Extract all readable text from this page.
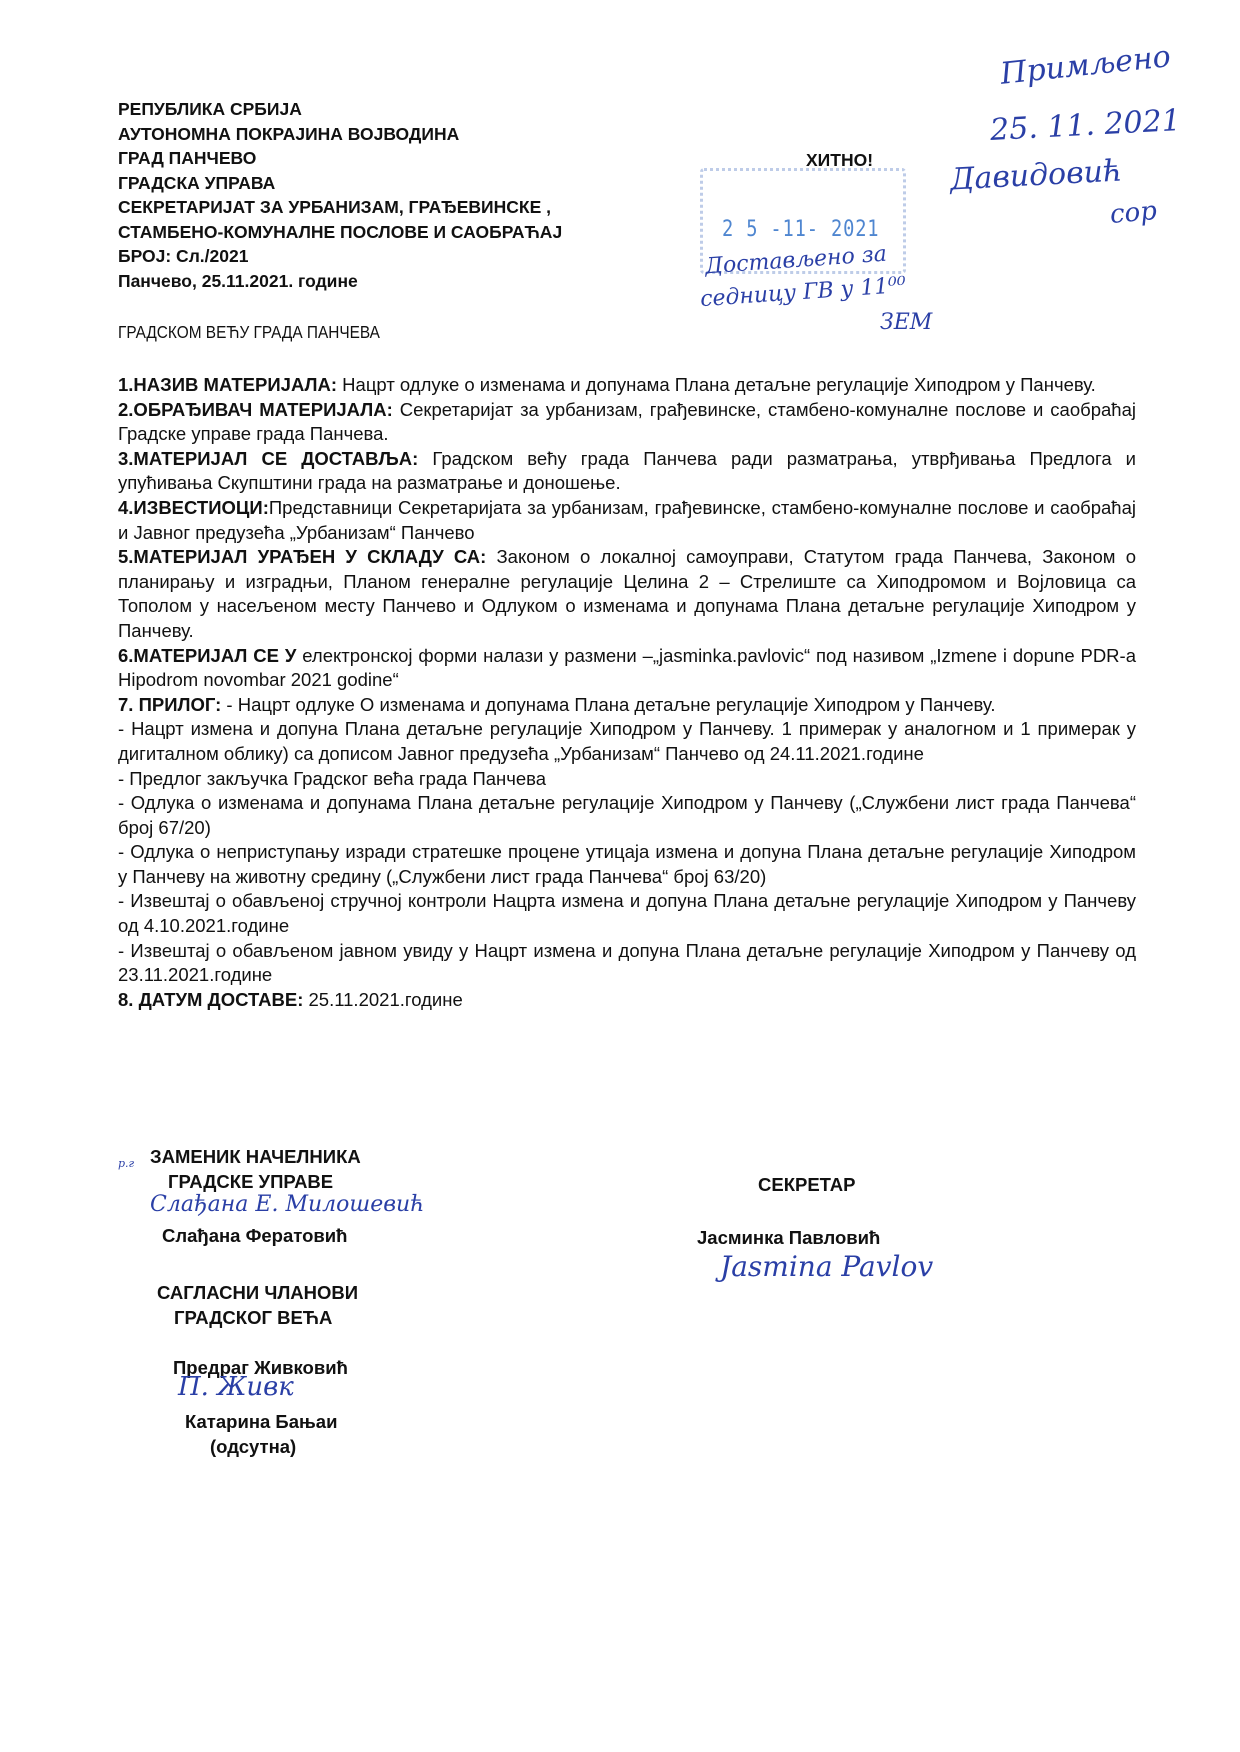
РЕПУБЛИКА СРБИЈА
АУТОНОМНА ПОКРАЈИНА ВОЈВОДИНА
ГРАД ПАНЧЕВО
ГРАДСКА УПРАВА
СЕКРЕТАРИЈАТ ЗА УРБАНИЗАМ, ГРАЂЕВИНСКЕ ,
СТАМБЕНО-КОМУНАЛНЕ ПОСЛОВЕ И САОБРАЋАЈ
БРОЈ: Сл./2021
Панчево, 25.11.2021. године
ХИТНО!
2 5 -11- 2021
Достављено за
седницу ГВ у 11⁰⁰
ЗЕМ
Примљено
25. 11. 2021
Давидовић
сор
ГРАДСКОМ ВЕЋУ ГРАДА ПАНЧЕВА

1.НАЗИВ МАТЕРИЈАЛА: Нацрт одлуке о изменама и допунама Плана детаљне регулације Хиподром у Панчеву.

2.ОБРАЂИВАЧ МАТЕРИЈАЛА: Секретаријат за урбанизам, грађевинске, стамбено-комуналне послове и саобраћај Градске управе града Панчева.

3.МАТЕРИЈАЛ СЕ ДОСТАВЉА: Градском већу града Панчева ради разматрања, утврђивања Предлога и упућивања Скупштини града на разматрање и доношење.

4.ИЗВЕСТИОЦИ:Представници Секретаријата за урбанизам, грађевинске, стамбено-комуналне послове и саобраћај и Јавног предузећа „Урбанизам“ Панчево

5.МАТЕРИЈАЛ УРАЂЕН У СКЛАДУ СА: Законом о локалној самоуправи, Статутом града Панчева, Законом о планирању и изградњи, Планом генералне регулације Целина 2 – Стрелиште са Хиподромом и Војловица са Тополом у насељеном месту Панчево и Одлуком о изменама и допунама Плана детаљне регулације Хиподром у Панчеву.

6.МАТЕРИЈАЛ СЕ У електронској форми налази у размени –„jasminka.pavlovic“ под називом „Izmene i dopune PDR-a Hipodrom novombar 2021 godine“

7. ПРИЛОГ: - Нацрт одлуке О изменама и допунама Плана детаљне регулације Хиподром у Панчеву.

- Нацрт измена и допуна Плана детаљне регулације Хиподром у Панчеву. 1 примерак у аналогном и 1 примерак у дигиталном облику) са дописом Јавног предузећа „Урбанизам“ Панчево од 24.11.2021.године

- Предлог закључка Градског већа града Панчева

- Одлука о изменама и допунама Плана детаљне регулације Хиподром у Панчеву („Службени лист града Панчева“ број 67/20)

- Одлука о неприступању изради стратешке процене утицаја измена и допуна Плана детаљне регулације Хиподром у Панчеву на животну средину („Службени лист града Панчева“ број 63/20)

- Извештај о обављеној стручној контроли Нацрта измена и допуна Плана детаљне регулације Хиподром у Панчеву од 4.10.2021.године

- Извештај о обављеном јавном увиду у Нацрт измена и допуна Плана детаљне регулације Хиподром у Панчеву од 23.11.2021.године

8. ДАТУМ ДОСТАВЕ: 25.11.2021.године

р.г ЗАМЕНИК НАЧЕЛНИКА
ГРАДСКЕ УПРАВЕ
Слађана Е. Милошевић
Слађана Ферaтовић
СЕКРЕТАР
Јасминка Павловић
Jasmina Pavlov
САГЛАСНИ ЧЛАНОВИ
ГРАДСКОГ ВЕЋА
Предраг Живковић
П. Живк
Катарина Бањаи
(одсутна)
